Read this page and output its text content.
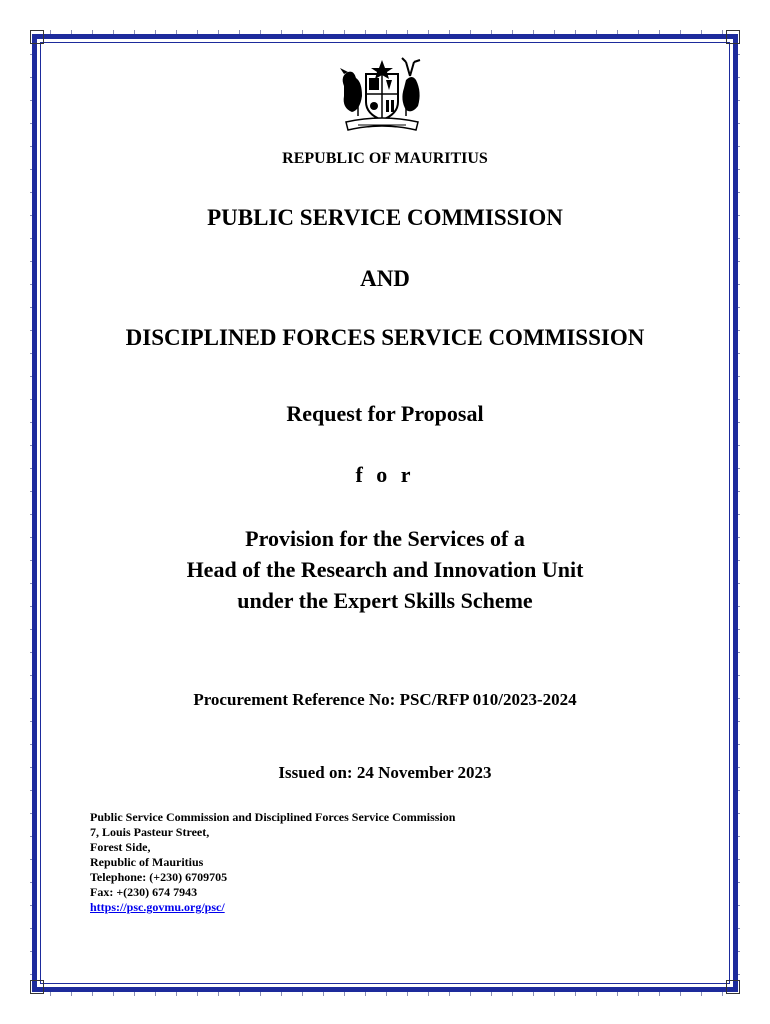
REPUBLIC OF MAURITIUS
PUBLIC SERVICE COMMISSION
AND
DISCIPLINED FORCES SERVICE COMMISSION
Request for Proposal
f o r
Provision for the Services of a
Head of the Research and Innovation Unit
under the Expert Skills Scheme
Procurement Reference No: PSC/RFP 010/2023-2024
Issued on: 24 November 2023
Public Service Commission and Disciplined Forces Service Commission
7, Louis Pasteur Street,
Forest Side,
Republic of Mauritius
Telephone: (+230) 6709705
Fax: +(230) 674 7943
https://psc.govmu.org/psc/
